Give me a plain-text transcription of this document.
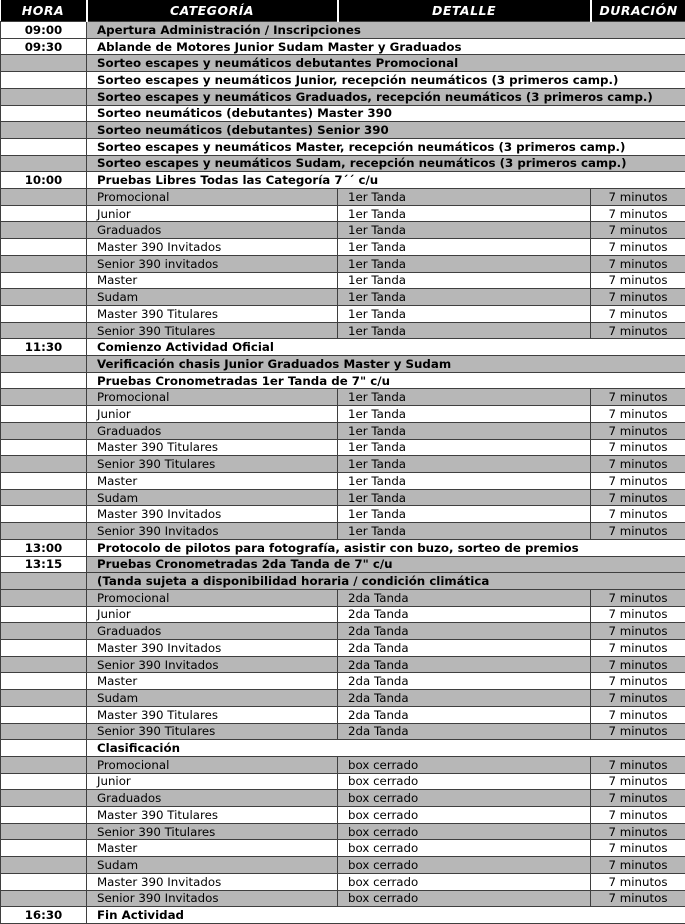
HORA	CATEGORÍA	DETALLE	DURACIÓN
09:00	Apertura Administración / Inscripciones		
09:30	Ablande de Motores Junior Sudam Master y Graduados		
	Sorteo escapes y neumáticos debutantes Promocional		
	Sorteo escapes y neumáticos Junior, recepción neumáticos (3 primeros camp.)		
	Sorteo escapes y neumáticos Graduados, recepción neumáticos (3 primeros camp.)		
	Sorteo neumáticos (debutantes) Master 390		
	Sorteo neumáticos (debutantes) Senior 390		
	Sorteo escapes y neumáticos Master, recepción neumáticos (3 primeros camp.)		
	Sorteo escapes y neumáticos Sudam, recepción neumáticos (3 primeros camp.)		
10:00	Pruebas Libres Todas las Categoría 7´´ c/u		
	Promocional	1er Tanda	7 minutos
	Junior	1er Tanda	7 minutos
	Graduados	1er Tanda	7 minutos
	Master 390 Invitados	1er Tanda	7 minutos
	Senior 390 invitados	1er Tanda	7 minutos
	Master	1er Tanda	7 minutos
	Sudam	1er Tanda	7 minutos
	Master 390 Titulares	1er Tanda	7 minutos
	Senior 390 Titulares	1er Tanda	7 minutos
11:30	Comienzo Actividad Oficial		
	Verificación chasis Junior Graduados Master y Sudam		
	Pruebas Cronometradas 1er Tanda de 7" c/u		
	Promocional	1er Tanda	7 minutos
	Junior	1er Tanda	7 minutos
	Graduados	1er Tanda	7 minutos
	Master 390 Titulares	1er Tanda	7 minutos
	Senior 390 Titulares	1er Tanda	7 minutos
	Master	1er Tanda	7 minutos
	Sudam	1er Tanda	7 minutos
	Master 390 Invitados	1er Tanda	7 minutos
	Senior 390 Invitados	1er Tanda	7 minutos
13:00	Protocolo de pilotos para fotografía, asistir con buzo, sorteo de premios		
13:15	Pruebas Cronometradas 2da Tanda de 7" c/u		
	(Tanda sujeta a disponibilidad horaria / condición climática		
	Promocional	2da Tanda	7 minutos
	Junior	2da Tanda	7 minutos
	Graduados	2da Tanda	7 minutos
	Master 390 Invitados	2da Tanda	7 minutos
	Senior 390 Invitados	2da Tanda	7 minutos
	Master	2da Tanda	7 minutos
	Sudam	2da Tanda	7 minutos
	Master 390 Titulares	2da Tanda	7 minutos
	Senior 390 Titulares	2da Tanda	7 minutos
	Clasificación		
	Promocional	box cerrado	7 minutos
	Junior	box cerrado	7 minutos
	Graduados	box cerrado	7 minutos
	Master 390 Titulares	box cerrado	7 minutos
	Senior 390 Titulares	box cerrado	7 minutos
	Master	box cerrado	7 minutos
	Sudam	box cerrado	7 minutos
	Master 390 Invitados	box cerrado	7 minutos
	Senior 390 Invitados	box cerrado	7 minutos
16:30	Fin Actividad		
